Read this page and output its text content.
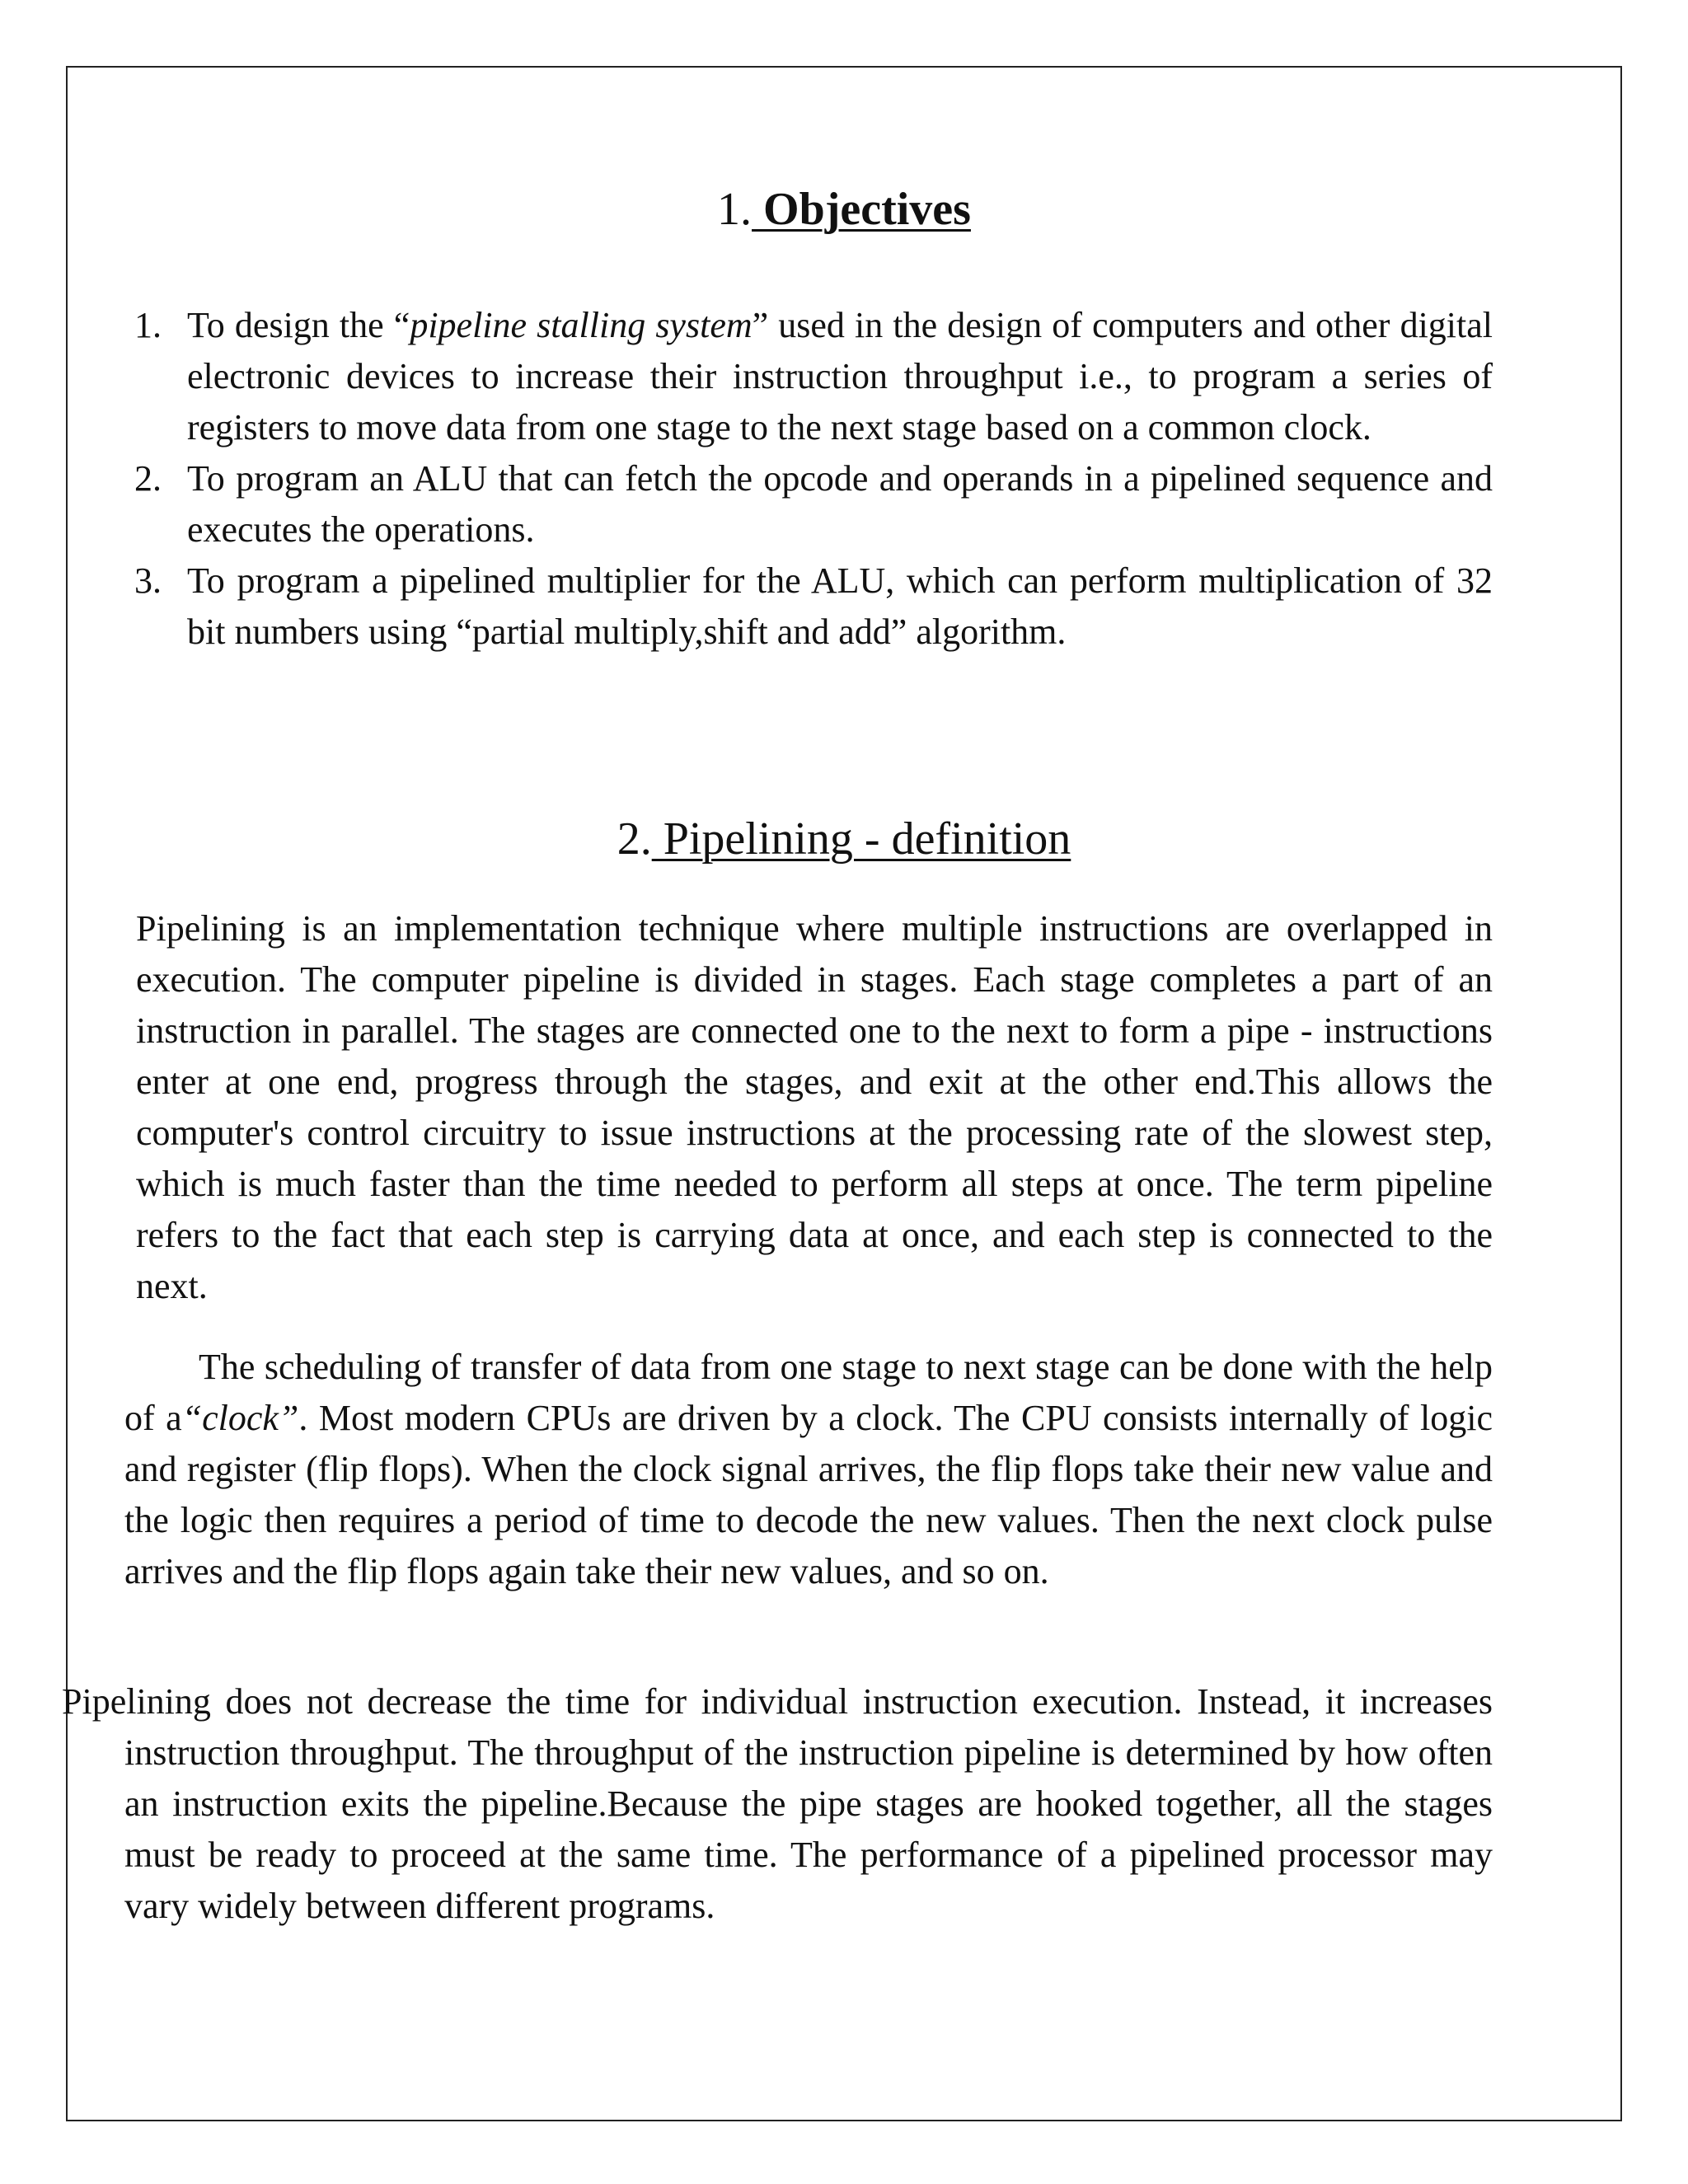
1. Objectives
1. To design the “pipeline stalling system” used in the design of computers and other digital electronic devices to increase their instruction throughput i.e., to program a series of registers to move data from one stage to the next stage based on a common clock.
2. To program an ALU that can fetch the opcode and operands in a pipelined sequence and executes the operations.
3. To program a pipelined multiplier for the ALU, which can perform multiplication of 32 bit numbers using “partial multiply,shift and add” algorithm.
2. Pipelining - definition

Pipelining is an implementation technique where multiple instructions are overlapped in execution. The computer pipeline is divided in stages. Each stage completes a part of an instruction in parallel. The stages are connected one to the next to form a pipe - instructions enter at one end, progress through the stages, and exit at the other end.This allows the computer's control circuitry to issue instructions at the processing rate of the slowest step, which is much faster than the time needed to perform all steps at once. The term pipeline refers to the fact that each step is carrying data at once, and each step is connected to the next.

The scheduling of transfer of data from one stage to next stage can be done with the help of a“clock”. Most modern CPUs are driven by a clock. The CPU consists internally of logic and register (flip flops). When the clock signal arrives, the flip flops take their new value and the logic then requires a period of time to decode the new values. Then the next clock pulse arrives and the flip flops again take their new values, and so on.

Pipelining does not decrease the time for individual instruction execution. Instead, it increases instruction throughput. The throughput of the instruction pipeline is determined by how often an instruction exits the pipeline.Because the pipe stages are hooked together, all the stages must be ready to proceed at the same time. The performance of a pipelined processor may vary widely between different programs.
